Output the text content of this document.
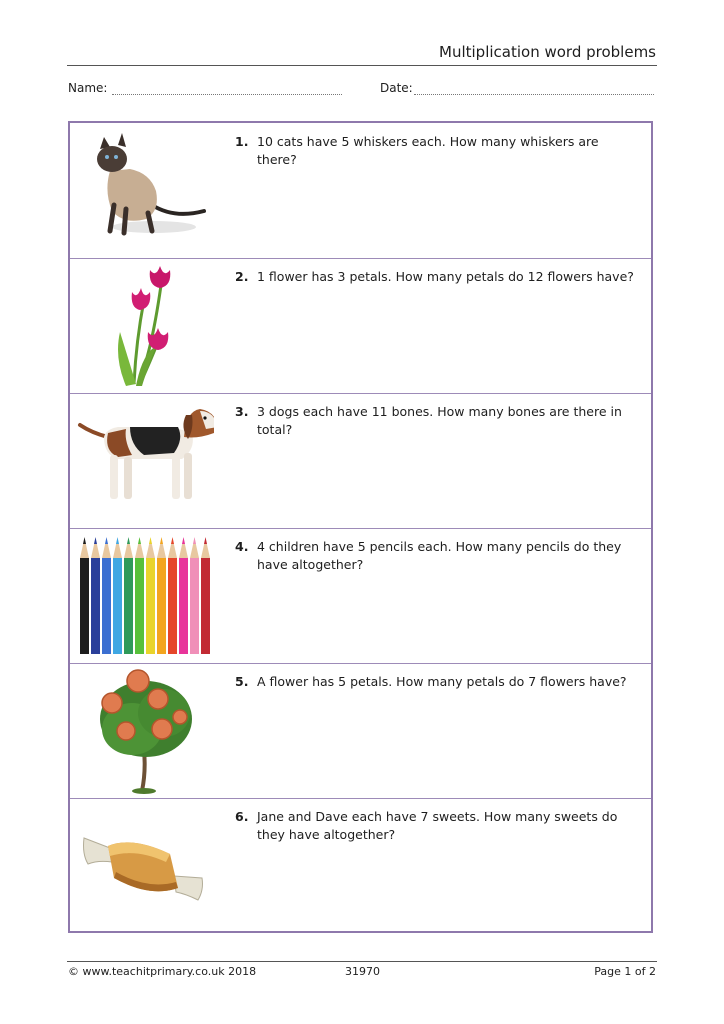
Multiplication word problems
Name:	Date:
1. 10 cats have 5 whiskers each. How many whiskers are there?
2. 1 flower has 3 petals. How many petals do 12 flowers have?
3. 3 dogs each have 11 bones. How many bones are there in total?
4. 4 children have 5 pencils each. How many pencils do they have altogether?
5. A flower has 5 petals. How many petals do 7 flowers have?
6. Jane and Dave each have 7 sweets. How many sweets do they have altogether?
© www.teachitprimary.co.uk 2018	31970	Page 1 of 2
